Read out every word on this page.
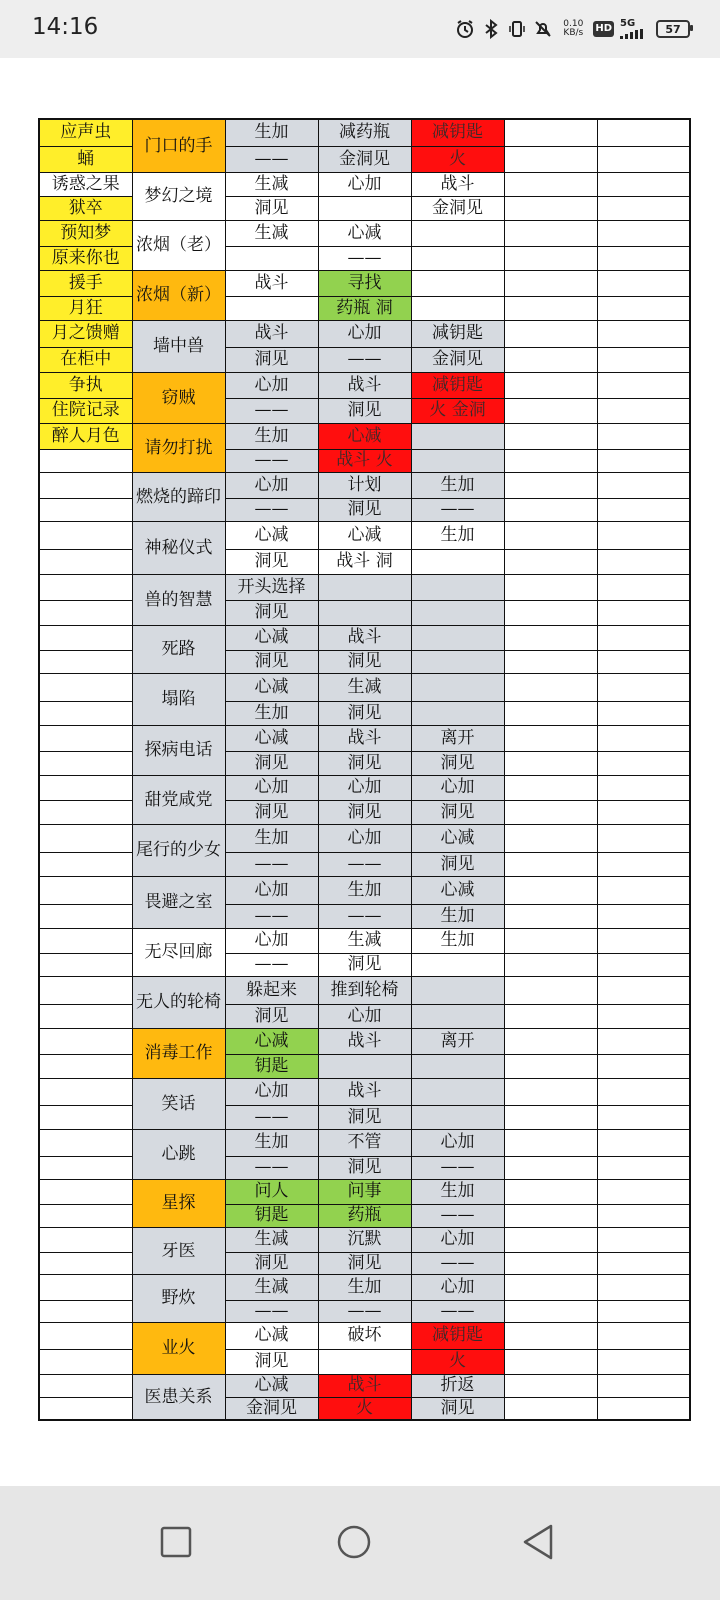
14:16	0.10
KB/s HD 5G	57
应声虫	门口的手	生加	减药瓶	减钥匙		
蛹		——	金洞见	火		
诱惑之果	梦幻之境	生减	心加	战斗		
狱卒		洞见		金洞见		
预知梦	浓烟（老）	生减	心减			
原来你也			——			
援手	浓烟（新）	战斗	寻找			
月狂			药瓶 洞			
月之馈赠	墙中兽	战斗	心加	减钥匙		
在柜中		洞见	——	金洞见		
争执	窃贼	心加	战斗	减钥匙		
住院记录		——	洞见	火 金洞		
醉人月色	请勿打扰	生加	心减			
		——	战斗 火			
	燃烧的蹄印	心加	计划	生加		
		——	洞见	——		
	神秘仪式	心减	心减	生加		
		洞见	战斗 洞			
	兽的智慧	开头选择				
		洞见				
	死路	心减	战斗			
		洞见	洞见			
	塌陷	心减	生减			
		生加	洞见			
	探病电话	心减	战斗	离开		
		洞见	洞见	洞见		
	甜党咸党	心加	心加	心加		
		洞见	洞见	洞见		
	尾行的少女	生加	心加	心减		
		——	——	洞见		
	畏避之室	心加	生加	心减		
		——	——	生加		
	无尽回廊	心加	生减	生加		
		——	洞见			
	无人的轮椅	躲起来	推到轮椅			
		洞见	心加			
	消毒工作	心减	战斗	离开		
		钥匙				
	笑话	心加	战斗			
		——	洞见			
	心跳	生加	不管	心加		
		——	洞见	——		
	星探	问人	问事	生加		
		钥匙	药瓶	——		
	牙医	生减	沉默	心加		
		洞见	洞见	——		
	野炊	生减	生加	心加		
		——	——	——		
	业火	心减	破坏	减钥匙		
		洞见		火		
	医患关系	心减	战斗	折返		
		金洞见	火	洞见		
